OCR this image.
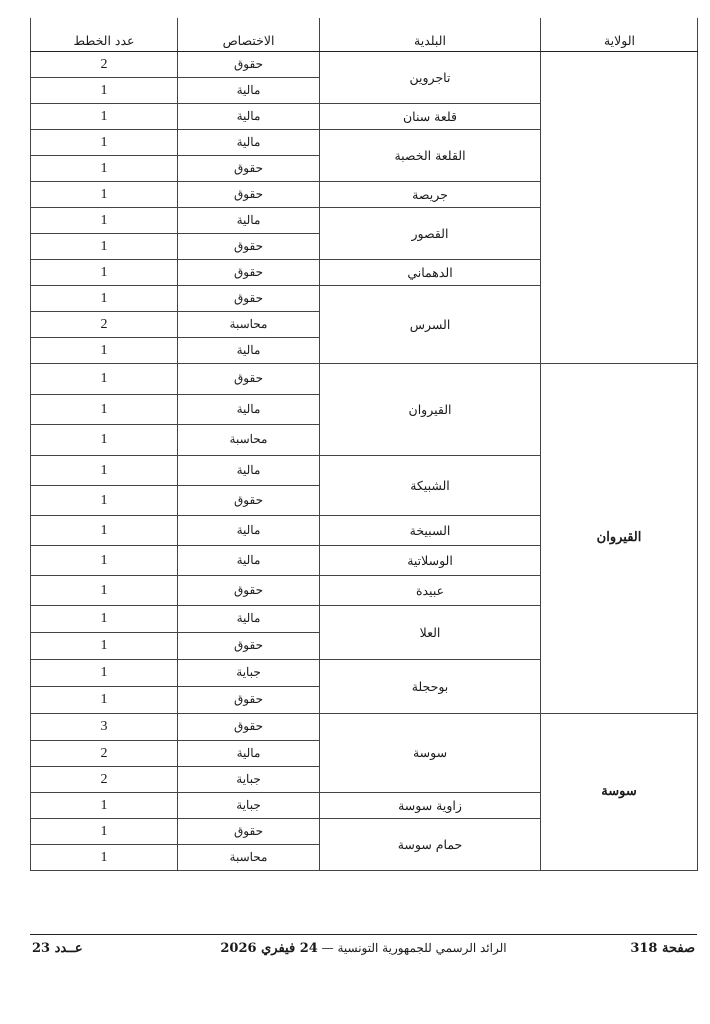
الولاية	البلدية	الاختصاص	عدد الخطط
	تاجروين	حقوق	2
		مالية	1
	قلعة سنان	مالية	1
	القلعة الخصبة	مالية	1
		حقوق	1
	جريصة	حقوق	1
	القصور	مالية	1
		حقوق	1
	الدهماني	حقوق	1
	السرس	حقوق	1
		محاسبة	2
		مالية	1
القيروان	القيروان	حقوق	1
		مالية	1
		محاسبة	1
	الشبيكة	مالية	1
		حقوق	1
	السبيخة	مالية	1
	الوسلاتية	مالية	1
	عبيدة	حقوق	1
	العلا	مالية	1
		حقوق	1
	بوحجلة	جباية	1
		حقوق	1
سوسة	سوسة	حقوق	3
		مالية	2
		جباية	2
	زاوية سوسة	جباية	1
	حمام سوسة	حقوق	1
		محاسبة	1
صفحة 318
الرائد الرسمي للجمهورية التونسية — 24 فيفري 2026
عــدد 23
